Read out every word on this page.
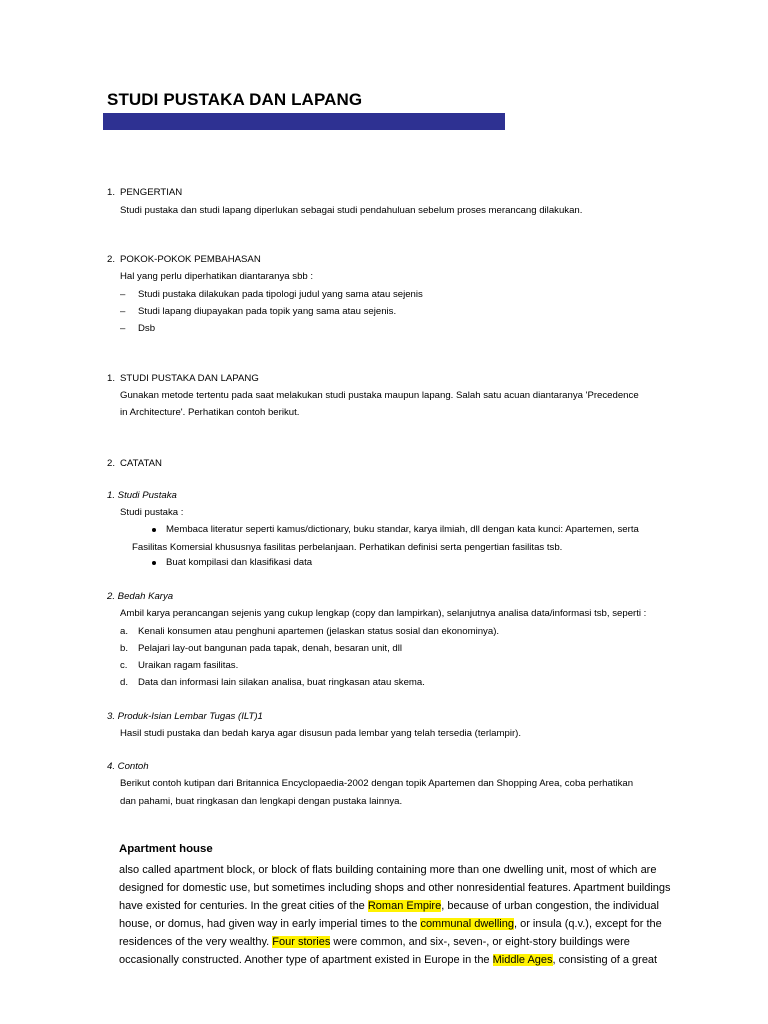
STUDI PUSTAKA DAN LAPANG
1. PENGERTIAN
Studi pustaka dan studi lapang diperlukan sebagai studi pendahuluan sebelum proses merancang dilakukan.
2. POKOK-POKOK PEMBAHASAN
Hal yang perlu diperhatikan diantaranya sbb :
– Studi pustaka dilakukan pada tipologi judul yang sama atau sejenis
– Studi lapang diupayakan pada topik yang sama atau sejenis.
– Dsb
1. STUDI PUSTAKA DAN LAPANG
Gunakan metode tertentu pada saat melakukan studi pustaka maupun lapang. Salah satu acuan diantaranya 'Precedence
in Architecture'. Perhatikan contoh berikut.
2. CATATAN
1. Studi Pustaka
Studi pustaka :
Membaca literatur seperti kamus/dictionary, buku standar, karya ilmiah, dll dengan kata kunci: Apartemen, serta
Fasilitas Komersial khususnya fasilitas perbelanjaan. Perhatikan definisi serta pengertian fasilitas tsb.
Buat kompilasi dan klasifikasi data
2. Bedah Karya
Ambil karya perancangan sejenis yang cukup lengkap (copy dan lampirkan), selanjutnya analisa data/informasi tsb, seperti :
a. Kenali konsumen atau penghuni apartemen (jelaskan status sosial dan ekonominya).
b. Pelajari lay-out bangunan pada tapak, denah, besaran unit, dll
c. Uraikan ragam fasilitas.
d. Data dan informasi lain silakan analisa, buat ringkasan atau skema.
3. Produk-Isian Lembar Tugas (ILT)1
Hasil studi pustaka dan bedah karya agar disusun pada lembar yang telah tersedia (terlampir).
4. Contoh
Berikut contoh kutipan dari Britannica Encyclopaedia-2002 dengan topik Apartemen dan Shopping Area, coba perhatikan
dan pahami, buat ringkasan dan lengkapi dengan pustaka lainnya.
Apartment house
also called apartment block, or block of flats building containing more than one dwelling unit, most of which are
designed for domestic use, but sometimes including shops and other nonresidential features. Apartment buildings
have existed for centuries. In the great cities of the Roman Empire, because of urban congestion, the individual
house, or domus, had given way in early imperial times to the communal dwelling, or insula (q.v.), except for the
residences of the very wealthy. Four stories were common, and six-, seven-, or eight-story buildings were
occasionally constructed. Another type of apartment existed in Europe in the Middle Ages, consisting of a great
